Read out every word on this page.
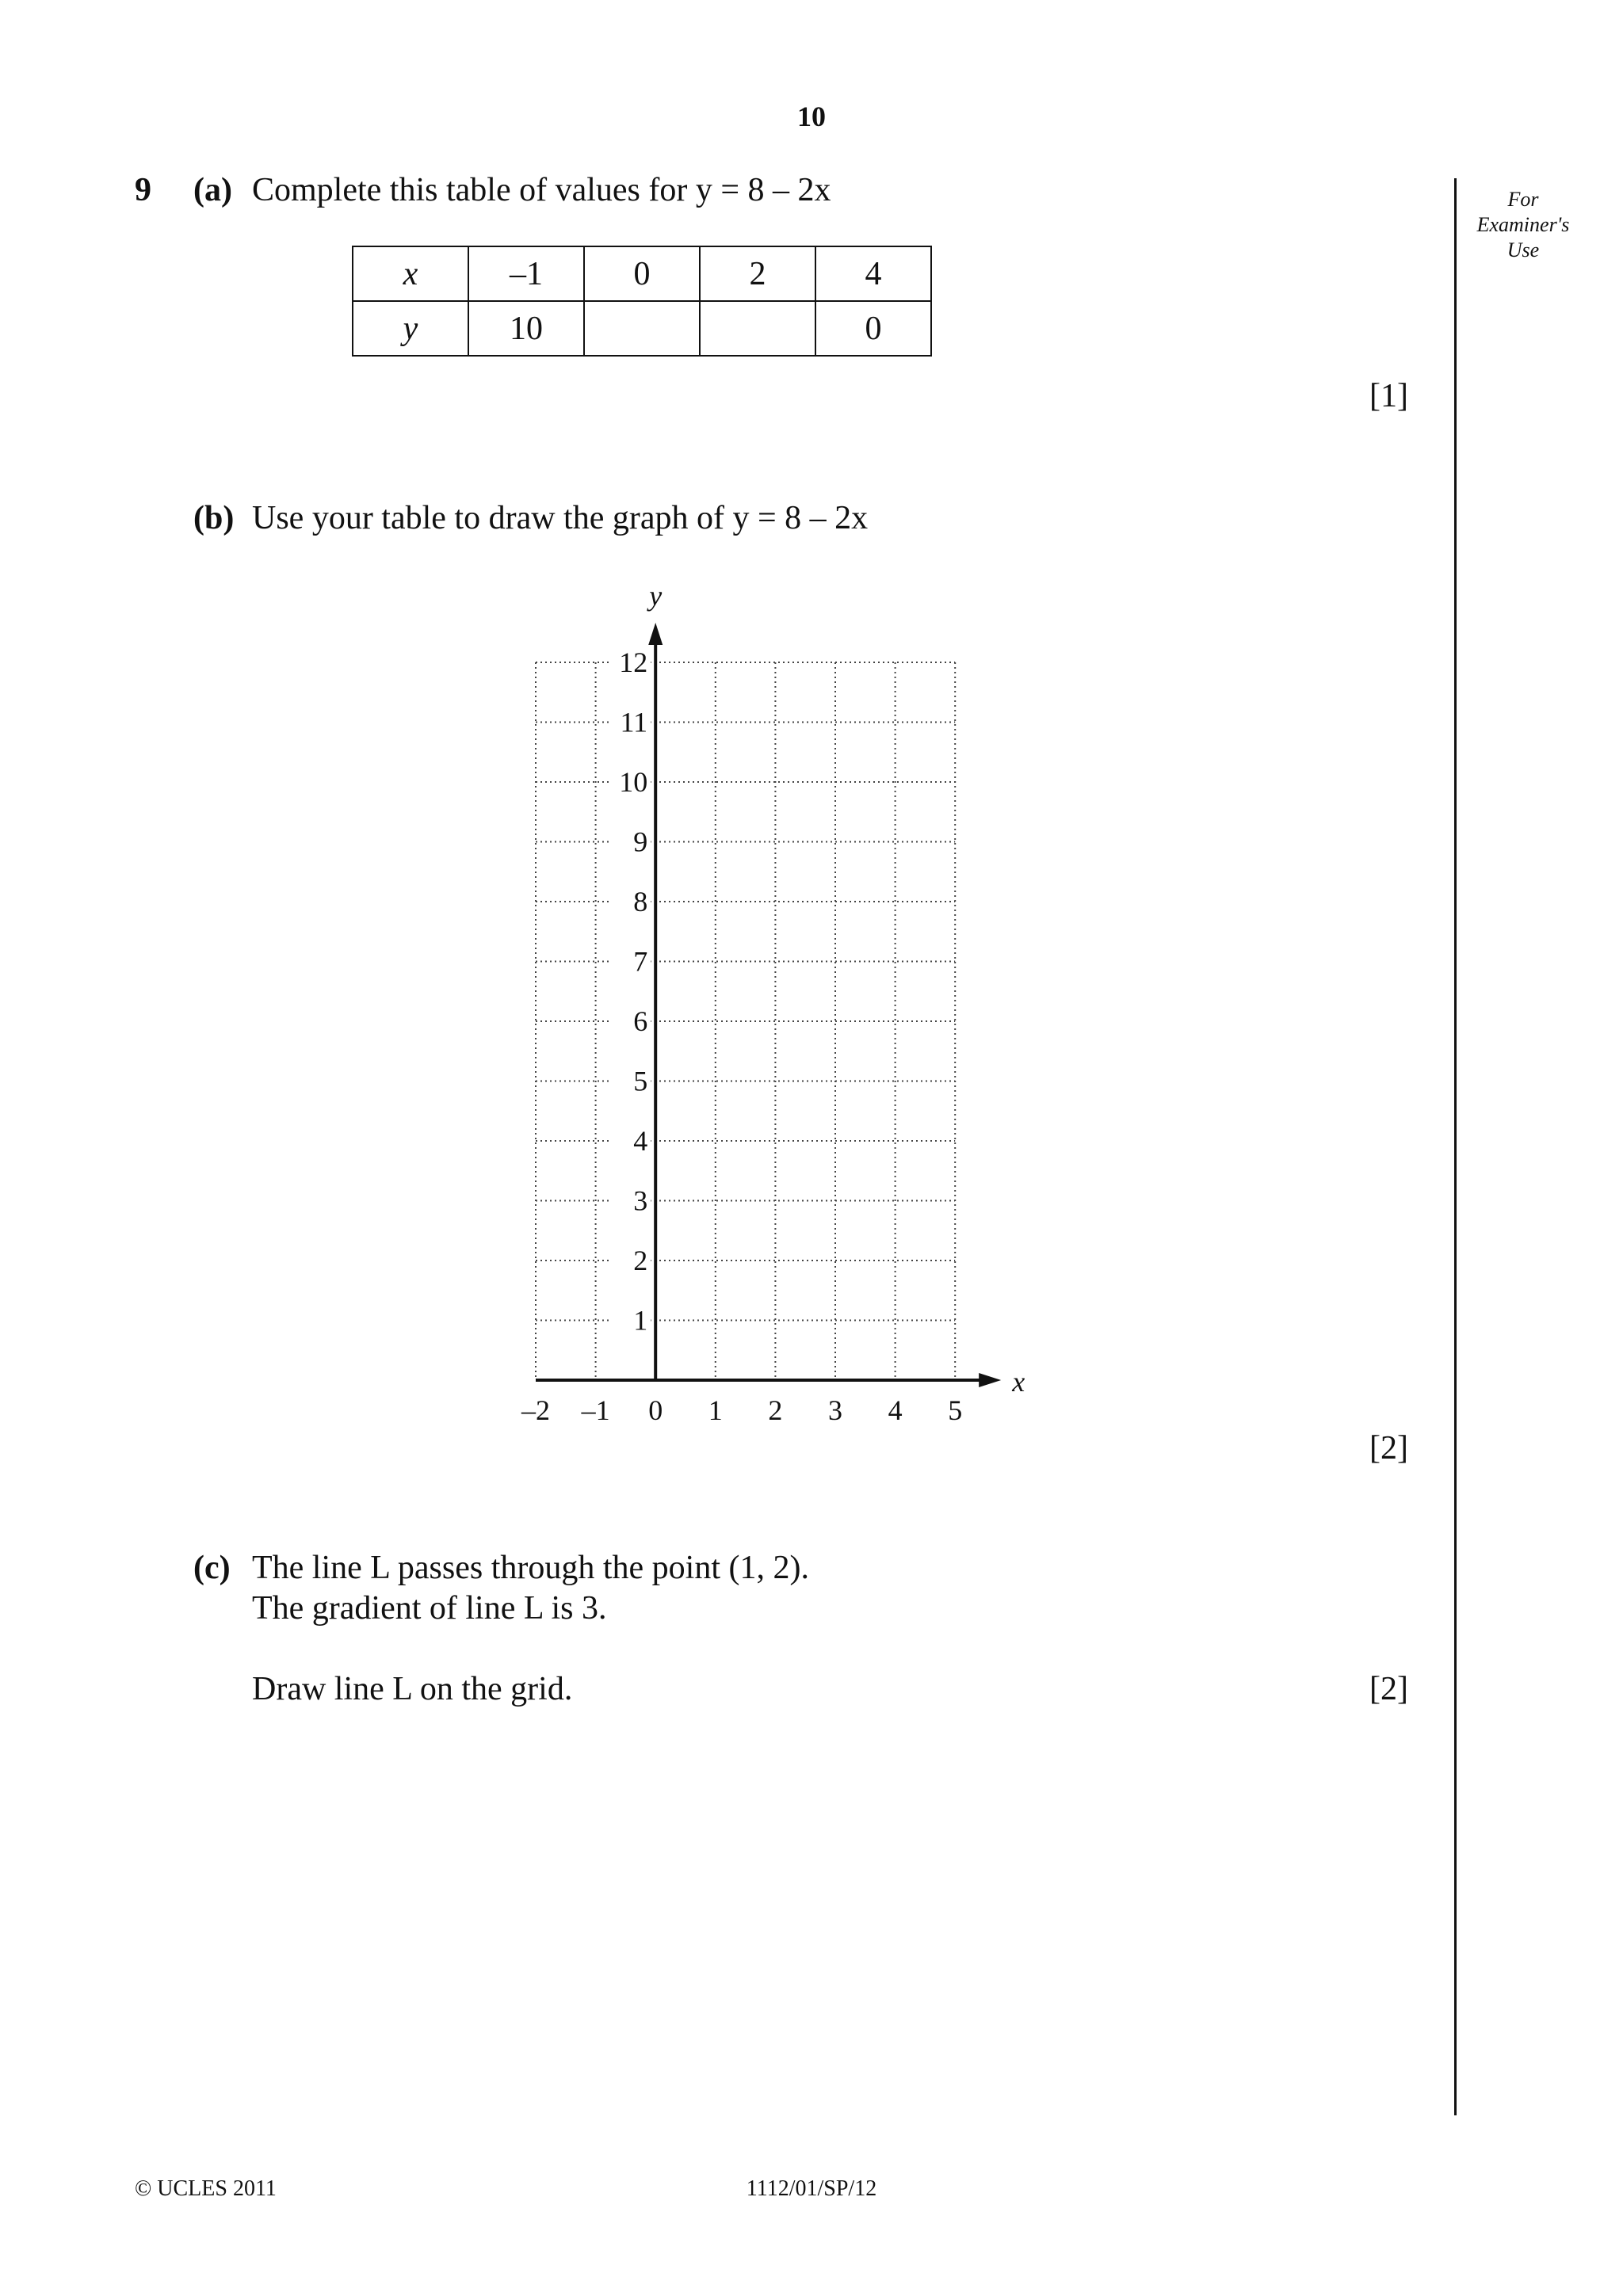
10
For
Examiner's
Use
9 (a) Complete this table of values for y = 8 – 2x
x	–1	0	2	4
y	10			0
[1]
(b) Use your table to draw the graph of y = 8 – 2x
x
y
–2 –1 0 1 2 3 4 5
1
2
3
4
5
6
7
8
9
10
11
12
[2]
(c) The line L passes through the point (1, 2).
The gradient of line L is 3.
Draw line L on the grid.	[2]
© UCLES 2011	1112/01/SP/12
